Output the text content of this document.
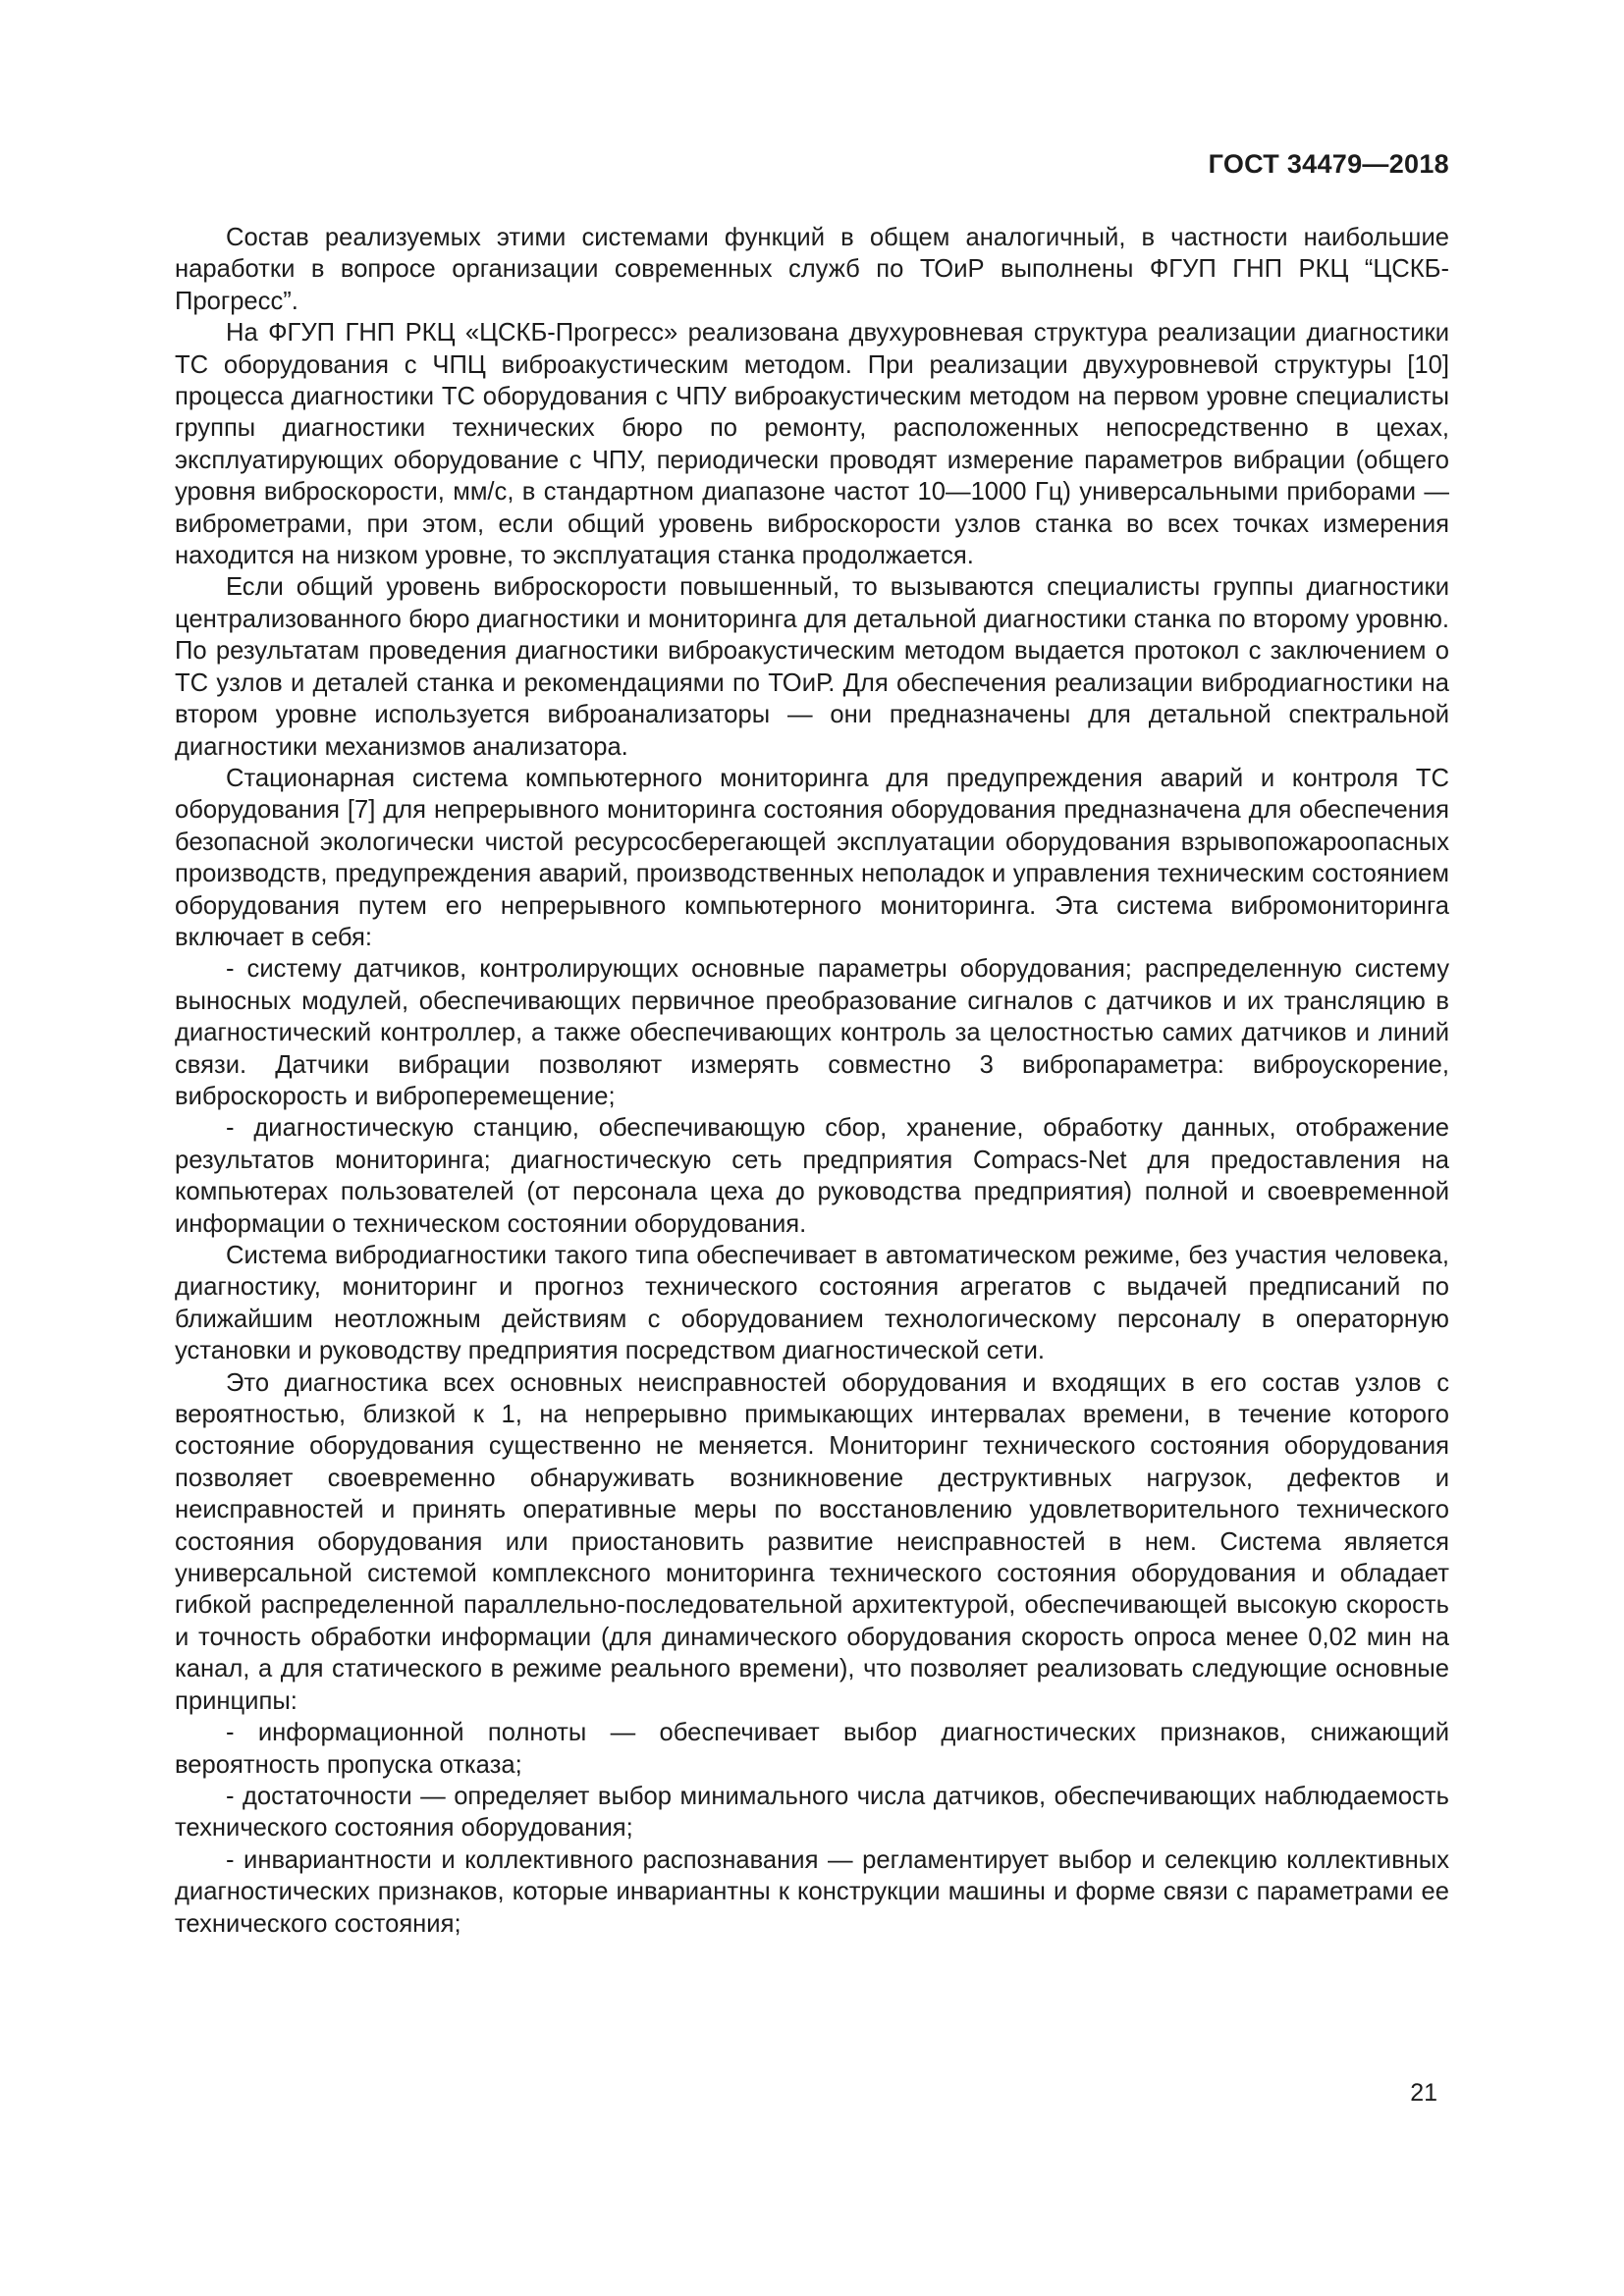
ГОСТ 34479—2018

Состав реализуемых этими системами функций в общем аналогичный, в частности наибольшие наработки в вопросе организации современных служб по ТОиР выполнены ФГУП ГНП РКЦ “ЦСКБ-Прогресс”.

На ФГУП ГНП РКЦ «ЦСКБ-Прогресс» реализована двухуровневая структура реализации диагностики ТС оборудования с ЧПЦ виброакустическим методом. При реализации двухуровневой структуры [10] процесса диагностики ТС оборудования с ЧПУ виброакустическим методом на первом уровне специалисты группы диагностики технических бюро по ремонту, расположенных непосредственно в цехах, эксплуатирующих оборудование с ЧПУ, периодически проводят измерение параметров вибрации (общего уровня виброскорости, мм/с, в стандартном диапазоне частот 10—1000 Гц) универсальными приборами — виброметрами, при этом, если общий уровень виброскорости узлов станка во всех точках измерения находится на низком уровне, то эксплуатация станка продолжается.

Если общий уровень виброскорости повышенный, то вызываются специалисты группы диагностики централизованного бюро диагностики и мониторинга для детальной диагностики станка по второму уровню. По результатам проведения диагностики виброакустическим методом выдается протокол с заключением о ТС узлов и деталей станка и рекомендациями по ТОиР. Для обеспечения реализации вибродиагностики на втором уровне используется виброанализаторы — они предназначены для детальной спектральной диагностики механизмов анализатора.

Стационарная система компьютерного мониторинга для предупреждения аварий и контроля ТС оборудования [7] для непрерывного мониторинга состояния оборудования предназначена для обеспечения безопасной экологически чистой ресурсосберегающей эксплуатации оборудования взрывопожароопасных производств, предупреждения аварий, производственных неполадок и управления техническим состоянием оборудования путем его непрерывного компьютерного мониторинга. Эта система вибромониторинга включает в себя:

- систему датчиков, контролирующих основные параметры оборудования; распределенную систему выносных модулей, обеспечивающих первичное преобразование сигналов с датчиков и их трансляцию в диагностический контроллер, а также обеспечивающих контроль за целостностью самих датчиков и линий связи. Датчики вибрации позволяют измерять совместно 3 вибропараметра: виброускорение, виброскорость и виброперемещение;

- диагностическую станцию, обеспечивающую сбор, хранение, обработку данных, отображение результатов мониторинга; диагностическую сеть предприятия Compacs-Net для предоставления на компьютерах пользователей (от персонала цеха до руководства предприятия) полной и своевременной информации о техническом состоянии оборудования.

Система вибродиагностики такого типа обеспечивает в автоматическом режиме, без участия человека, диагностику, мониторинг и прогноз технического состояния агрегатов с выдачей предписаний по ближайшим неотложным действиям с оборудованием технологическому персоналу в операторную установки и руководству предприятия посредством диагностической сети.

Это диагностика всех основных неисправностей оборудования и входящих в его состав узлов с вероятностью, близкой к 1, на непрерывно примыкающих интервалах времени, в течение которого состояние оборудования существенно не меняется. Мониторинг технического состояния оборудования позволяет своевременно обнаруживать возникновение деструктивных нагрузок, дефектов и неисправностей и принять оперативные меры по восстановлению удовлетворительного технического состояния оборудования или приостановить развитие неисправностей в нем. Система является универсальной системой комплексного мониторинга технического состояния оборудования и обладает гибкой распределенной параллельно-последовательной архитектурой, обеспечивающей высокую скорость и точность обработки информации (для динамического оборудования скорость опроса менее 0,02 мин на канал, а для статического в режиме реального времени), что позволяет реализовать следующие основные принципы:

- информационной полноты — обеспечивает выбор диагностических признаков, снижающий вероятность пропуска отказа;

- достаточности — определяет выбор минимального числа датчиков, обеспечивающих наблюдаемость технического состояния оборудования;

- инвариантности и коллективного распознавания — регламентирует выбор и селекцию коллективных диагностических признаков, которые инвариантны к конструкции машины и форме связи с параметрами ее технического состояния;

21
